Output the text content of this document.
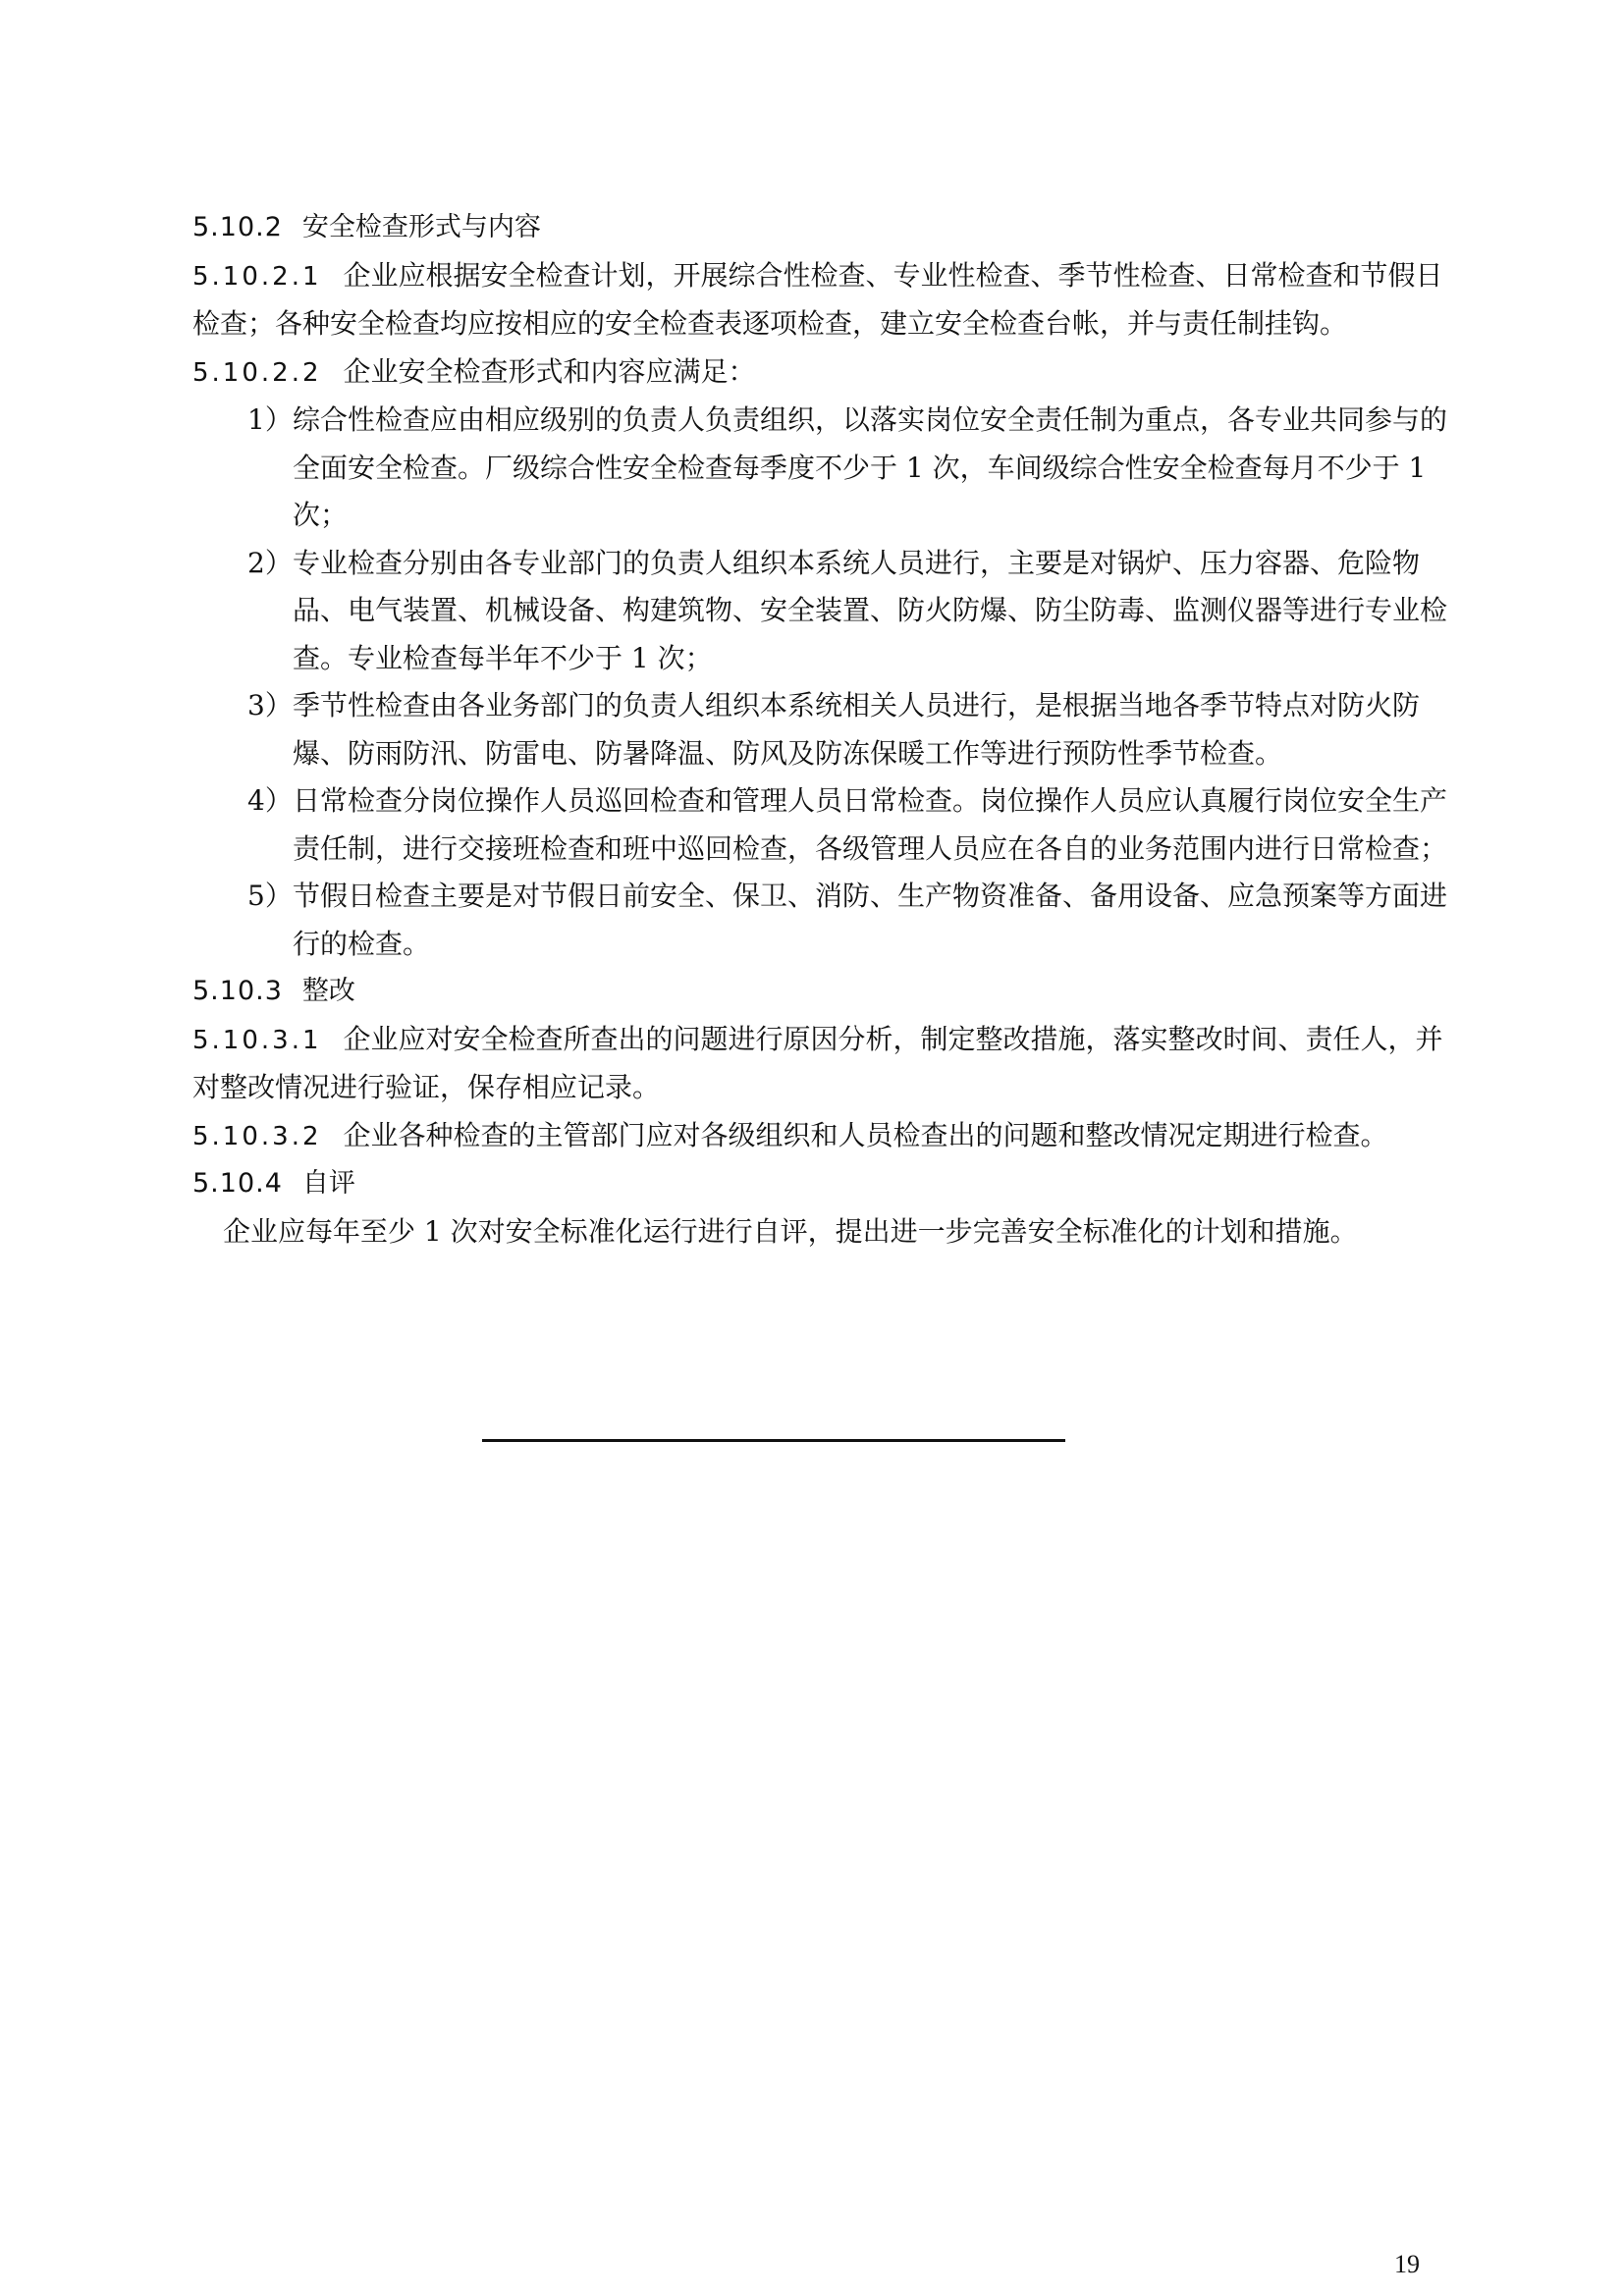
5.10.2 安全检查形式与内容
5.10.2.1 企业应根据安全检查计划，开展综合性检查、专业性检查、季节性检查、日常检查和节假日检查；各种安全检查均应按相应的安全检查表逐项检查，建立安全检查台帐，并与责任制挂钩。
5.10.2.2 企业安全检查形式和内容应满足：
1） 综合性检查应由相应级别的负责人负责组织，以落实岗位安全责任制为重点，各专业共同参与的全面安全检查。厂级综合性安全检查每季度不少于 1 次，车间级综合性安全检查每月不少于 1 次；
2） 专业检查分别由各专业部门的负责人组织本系统人员进行，主要是对锅炉、压力容器、危险物品、电气装置、机械设备、构建筑物、安全装置、防火防爆、防尘防毒、监测仪器等进行专业检查。专业检查每半年不少于 1 次；
3） 季节性检查由各业务部门的负责人组织本系统相关人员进行，是根据当地各季节特点对防火防爆、防雨防汛、防雷电、防暑降温、防风及防冻保暖工作等进行预防性季节检查。
4） 日常检查分岗位操作人员巡回检查和管理人员日常检查。岗位操作人员应认真履行岗位安全生产责任制，进行交接班检查和班中巡回检查，各级管理人员应在各自的业务范围内进行日常检查；
5） 节假日检查主要是对节假日前安全、保卫、消防、生产物资准备、备用设备、应急预案等方面进行的检查。
5.10.3 整改
5.10.3.1 企业应对安全检查所查出的问题进行原因分析，制定整改措施，落实整改时间、责任人，并对整改情况进行验证，保存相应记录。
5.10.3.2 企业各种检查的主管部门应对各级组织和人员检查出的问题和整改情况定期进行检查。
5.10.4 自评
企业应每年至少 1 次对安全标准化运行进行自评，提出进一步完善安全标准化的计划和措施。
19
